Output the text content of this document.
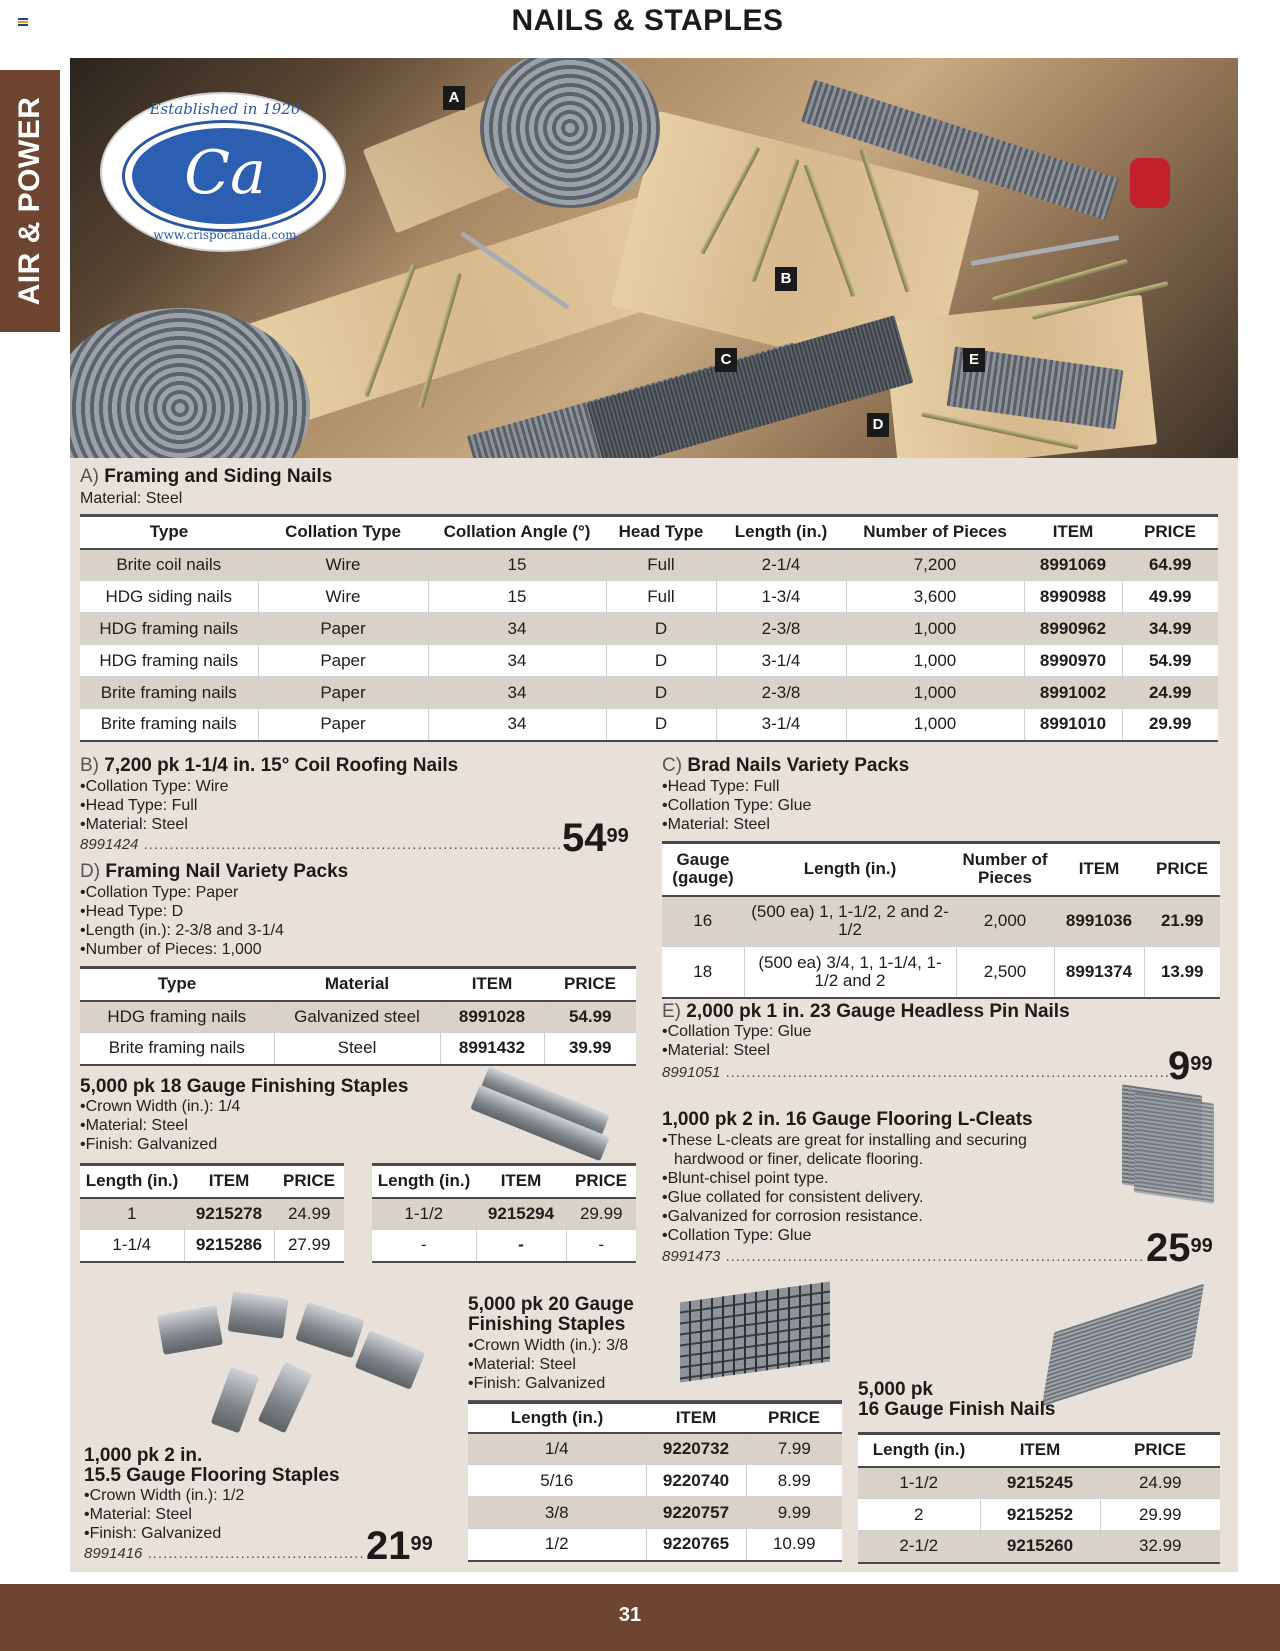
NAILS & STAPLES
AIR & POWER	A
B
C
D
E
Established in 1920
Ca
www.crispocanada.com
A) Framing and Siding Nails
Material: Steel
Type	Collation Type	Collation Angle (°)	Head Type	Length (in.)	Number of Pieces	ITEM	PRICE
Brite coil nails	Wire	15	Full	2-1/4	7,200	8991069	64.99
HDG siding nails	Wire	15	Full	1-3/4	3,600	8990988	49.99
HDG framing nails	Paper	34	D	2-3/8	1,000	8990962	34.99
HDG framing nails	Paper	34	D	3-1/4	1,000	8990970	54.99
Brite framing nails	Paper	34	D	2-3/8	1,000	8991002	24.99
Brite framing nails	Paper	34	D	3-1/4	1,000	8991010	29.99
B) 7,200 pk 1-1/4 in. 15° Coil Roofing Nails
•Collation Type: Wire
•Head Type: Full
•Material: Steel
8991424 .....	$54^{99}$
D) Framing Nail Variety Packs
•Collation Type: Paper
•Head Type: D
•Length (in.): 2-3/8 and 3-1/4
•Number of Pieces: 1,000
Type	Material	ITEM	PRICE
HDG framing nails	Galvanized steel	8991028	54.99
Brite framing nails	Steel	8991432	39.99
5,000 pk 18 Gauge Finishing Staples
•Crown Width (in.): 1/4
•Material: Steel
•Finish: Galvanized
Length (in.)	ITEM	PRICE
1	9215278	24.99
1-1/4	9215286	27.99
Length (in.)	ITEM	PRICE
1-1/2	9215294	29.99
-	-	-
C) Brad Nails Variety Packs
•Head Type: Full
•Collation Type: Glue
•Material: Steel
Gauge (gauge)	Length (in.)	Number of Pieces	ITEM	PRICE
16	(500 ea) 1, 1-1/2, 2 and 2-1/2	2,000	8991036	21.99
18	(500 ea) 3/4, 1, 1-1/4, 1-1/2 and 2	2,500	8991374	13.99
E) 2,000 pk 1 in. 23 Gauge Headless Pin Nails
•Collation Type: Glue
•Material: Steel
8991051 .....	$9^{99}$
1,000 pk 2 in. 16 Gauge Flooring L-Cleats
•These L-cleats are great for installing and securing
hardwood or finer, delicate flooring.
•Blunt-chisel point type.
•Glue collated for consistent delivery.
•Galvanized for corrosion resistance.
•Collation Type: Glue
8991473 .....	$25^{99}$
1,000 pk 2 in.
15.5 Gauge Flooring Staples
•Crown Width (in.): 1/2
•Material: Steel
•Finish: Galvanized
8991416 .....	$21^{99}$
5,000 pk 20 Gauge
Finishing Staples
•Crown Width (in.): 3/8
•Material: Steel
•Finish: Galvanized
Length (in.)	ITEM	PRICE
1/4	9220732	7.99
5/16	9220740	8.99
3/8	9220757	9.99
1/2	9220765	10.99
5,000 pk
16 Gauge Finish Nails
Length (in.)	ITEM	PRICE
1-1/2	9215245	24.99
2	9215252	29.99
2-1/2	9215260	32.99
31
